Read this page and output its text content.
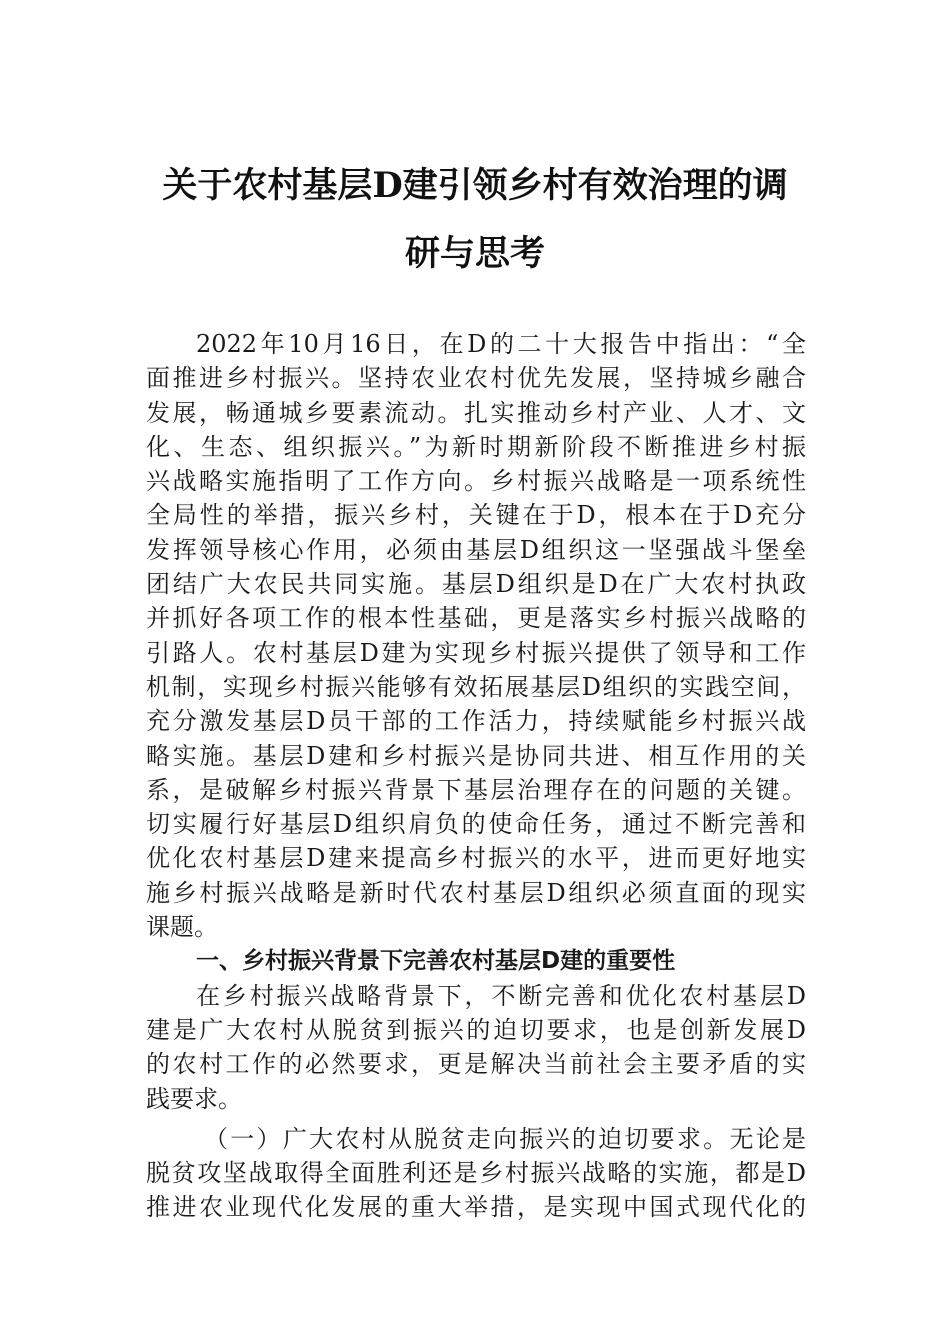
关于农村基层D建引领乡村有效治理的调
研与思考
2022年10月16日，在D的二十大报告中指出：“全
面推进乡村振兴。坚持农业农村优先发展，坚持城乡融合
发展，畅通城乡要素流动。扎实推动乡村产业、人才、文
化、生态、组织振兴。”为新时期新阶段不断推进乡村振
兴战略实施指明了工作方向。乡村振兴战略是一项系统性
全局性的举措，振兴乡村，关键在于D，根本在于D充分
发挥领导核心作用，必须由基层D组织这一坚强战斗堡垒
团结广大农民共同实施。基层D组织是D在广大农村执政
并抓好各项工作的根本性基础，更是落实乡村振兴战略的
引路人。农村基层D建为实现乡村振兴提供了领导和工作
机制，实现乡村振兴能够有效拓展基层D组织的实践空间，
充分激发基层D员干部的工作活力，持续赋能乡村振兴战
略实施。基层D建和乡村振兴是协同共进、相互作用的关
系，是破解乡村振兴背景下基层治理存在的问题的关键。
切实履行好基层D组织肩负的使命任务，通过不断完善和
优化农村基层D建来提高乡村振兴的水平，进而更好地实
施乡村振兴战略是新时代农村基层D组织必须直面的现实
课题。
一、乡村振兴背景下完善农村基层D建的重要性
在乡村振兴战略背景下，不断完善和优化农村基层D
建是广大农村从脱贫到振兴的迫切要求，也是创新发展D
的农村工作的必然要求，更是解决当前社会主要矛盾的实
践要求。
（一）广大农村从脱贫走向振兴的迫切要求。无论是
脱贫攻坚战取得全面胜利还是乡村振兴战略的实施，都是D
推进农业现代化发展的重大举措，是实现中国式现代化的
